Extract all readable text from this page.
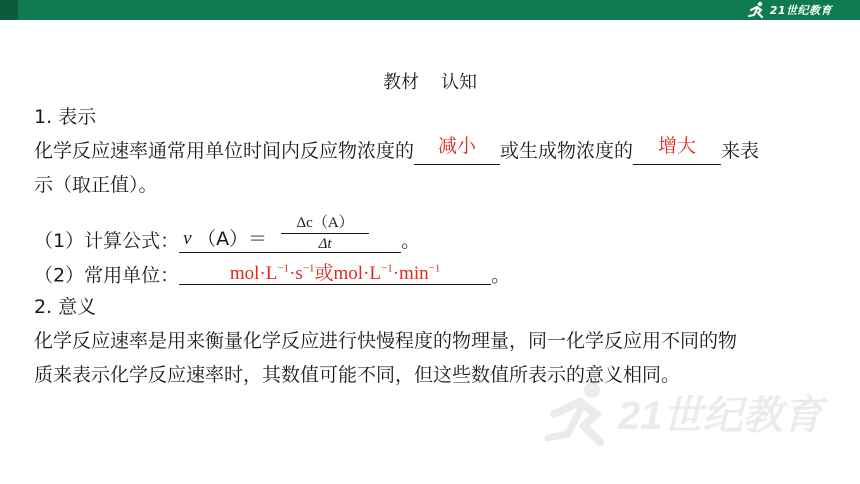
21世纪教育
21世纪教育
教材 认知
1. 表示
化学反应速率通常用单位时间内反应物浓度的 减小 或生成物浓度的 增大 来表
示（取正值）。
（1）计算公式： v （A）＝
Δc（A）
Δt	。
（2）常用单位：	$mol\cdot L^{-1}\cdot s^{-1}$或$mol\cdot L^{-1}\cdot\min^{-1}$	。
2. 意义
化学反应速率是用来衡量化学反应进行快慢程度的物理量，同一化学反应用不同的物
质来表示化学反应速率时，其数值可能不同，但这些数值所表示的意义相同。
